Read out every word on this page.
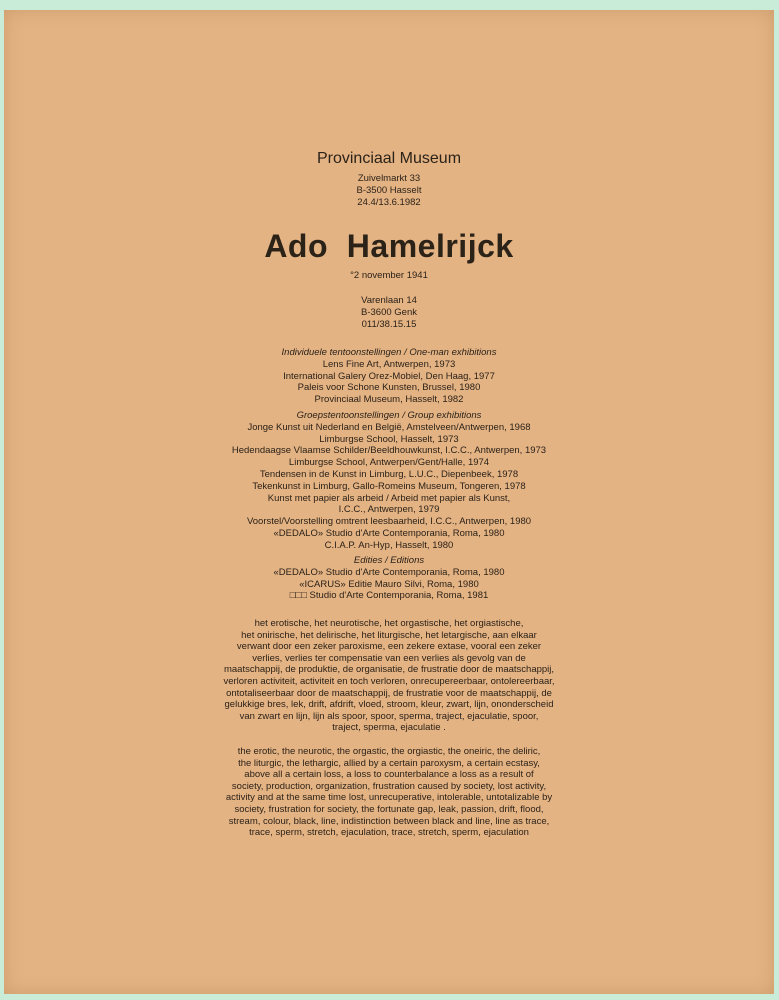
Provinciaal Museum
Zuivelmarkt 33
B-3500 Hasselt
24.4/13.6.1982
Ado  Hamelrijck
°2 november 1941
Varenlaan 14
B-3600 Genk
011/38.15.15
Individuele tentoonstellingen / One-man exhibitions
Lens Fine Art, Antwerpen, 1973
International Galery Orez-Mobiel, Den Haag, 1977
Paleis voor Schone Kunsten, Brussel, 1980
Provinciaal Museum, Hasselt, 1982
Groepstentoonstellingen / Group exhibitions
Jonge Kunst uit Nederland en België, Amstelveen/Antwerpen, 1968
Limburgse School, Hasselt, 1973
Hedendaagse Vlaamse Schilder/Beeldhouwkunst, I.C.C., Antwerpen, 1973
Limburgse School, Antwerpen/Gent/Halle, 1974
Tendensen in de Kunst in Limburg, L.U.C., Diepenbeek, 1978
Tekenkunst in Limburg, Gallo-Romeins Museum, Tongeren, 1978
Kunst met papier als arbeid / Arbeid met papier als Kunst,
I.C.C., Antwerpen, 1979
Voorstel/Voorstelling omtrent leesbaarheid, I.C.C., Antwerpen, 1980
«DEDALO» Studio d'Arte Contemporania, Roma, 1980
C.I.A.P. An-Hyp, Hasselt, 1980
Edities / Editions
«DEDALO» Studio d'Arte Contemporania, Roma, 1980
«ICARUS» Editie Mauro Silvi, Roma, 1980
□□□ Studio d'Arte Contemporania, Roma, 1981
het erotische, het neurotische, het orgastische, het orgiastische,
het onirische, het delirische, het liturgische, het letargische, aan elkaar
verwant door een zeker paroxisme, een zekere extase, vooral een zeker
verlies, verlies ter compensatie van een verlies als gevolg van de
maatschappij, de produktie, de organisatie, de frustratie door de maatschappij,
verloren activiteit, activiteit en toch verloren, onrecupereerbaar, ontolereerbaar,
ontotaliseerbaar door de maatschappij, de frustratie voor de maatschappij, de
gelukkige bres, lek, drift, afdrift, vloed, stroom, kleur, zwart, lijn, ononderscheid
van zwart en lijn, lijn als spoor, spoor, sperma, traject, ejaculatie, spoor,
traject, sperma, ejaculatie .
the erotic, the neurotic, the orgastic, the orgiastic, the oneiric, the deliric,
the liturgic, the lethargic, allied by a certain paroxysm, a certain ecstasy,
above all a certain loss, a loss to counterbalance a loss as a result of
society, production, organization, frustration caused by society, lost activity,
activity and at the same time lost, unrecuperative, intolerable, untotalizable by
society, frustration for society, the fortunate gap, leak, passion, drift, flood,
stream, colour, black, line, indistinction between black and line, line as trace,
trace, sperm, stretch, ejaculation, trace, stretch, sperm, ejaculation
